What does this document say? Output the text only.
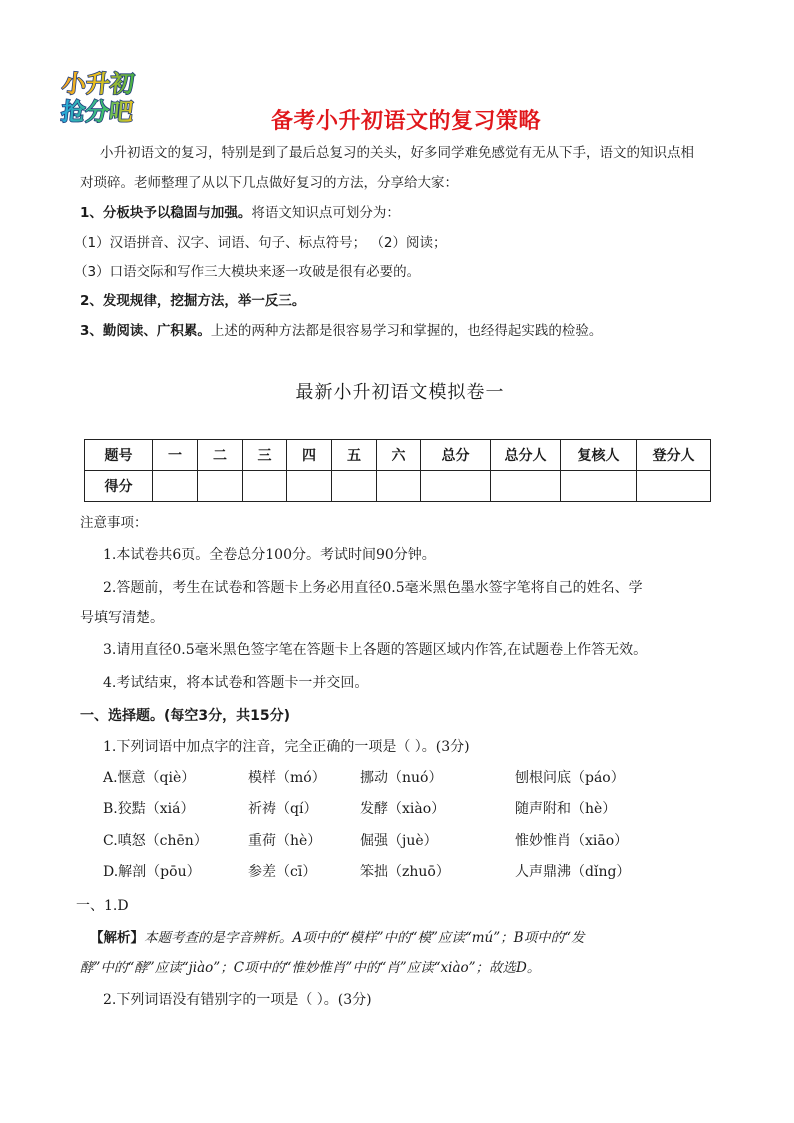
小升初
抢分吧	备考小升初语文的复习策略
小升初语文的复习，特别是到了最后总复习的关头，好多同学难免感觉有无从下手，语文的知识点相
对琐碎。老师整理了从以下几点做好复习的方法，分享给大家：
1、分板块予以稳固与加强。将语文知识点可划分为：
（1）汉语拼音、汉字、词语、句子、标点符号； （2）阅读；
（3）口语交际和写作三大模块来逐一攻破是很有必要的。
2、发现规律，挖掘方法，举一反三。
3、勤阅读、广积累。上述的两种方法都是很容易学习和掌握的，也经得起实践的检验。
最新小升初语文模拟卷一
题号	一	二	三	四	五	六	总分	总分人	复核人	登分人
得分										
注意事项：
1.本试卷共6页。全卷总分100分。考试时间90分钟。
2.答题前，考生在试卷和答题卡上务必用直径0.5毫米黑色墨水签字笔将自己的姓名、学
号填写清楚。
3.请用直径0.5毫米黑色签字笔在答题卡上各题的答题区域内作答,在试题卷上作答无效。
4.考试结束，将本试卷和答题卡一并交回。
一、选择题。(每空3分，共15分)
1.下列词语中加点字的注音，完全正确的一项是（ ）。(3分)
A.惬意（qiè）	模样（mó） 挪动（nuó）	刨根问底（páo）
B.狡黠（xiá）	祈祷（qí）	发酵（xiào）	随声附和（hè）
C.嗔怒（chēn）	重荷（hè）	倔强（juè）	惟妙惟肖（xiāo）
D.解剖（pōu）	参差（cī）	笨拙（zhuō）	人声鼎沸（dǐng）
一、1.D
【解析】本题考查的是字音辨析。A项中的“模样”中的“模”应读“mú”；B项中的“发
酵”中的“酵”应读“jiào”；C项中的“惟妙惟肖”中的“肖”应读“xiào”；故选D。
2.下列词语没有错别字的一项是（ ）。(3分)
